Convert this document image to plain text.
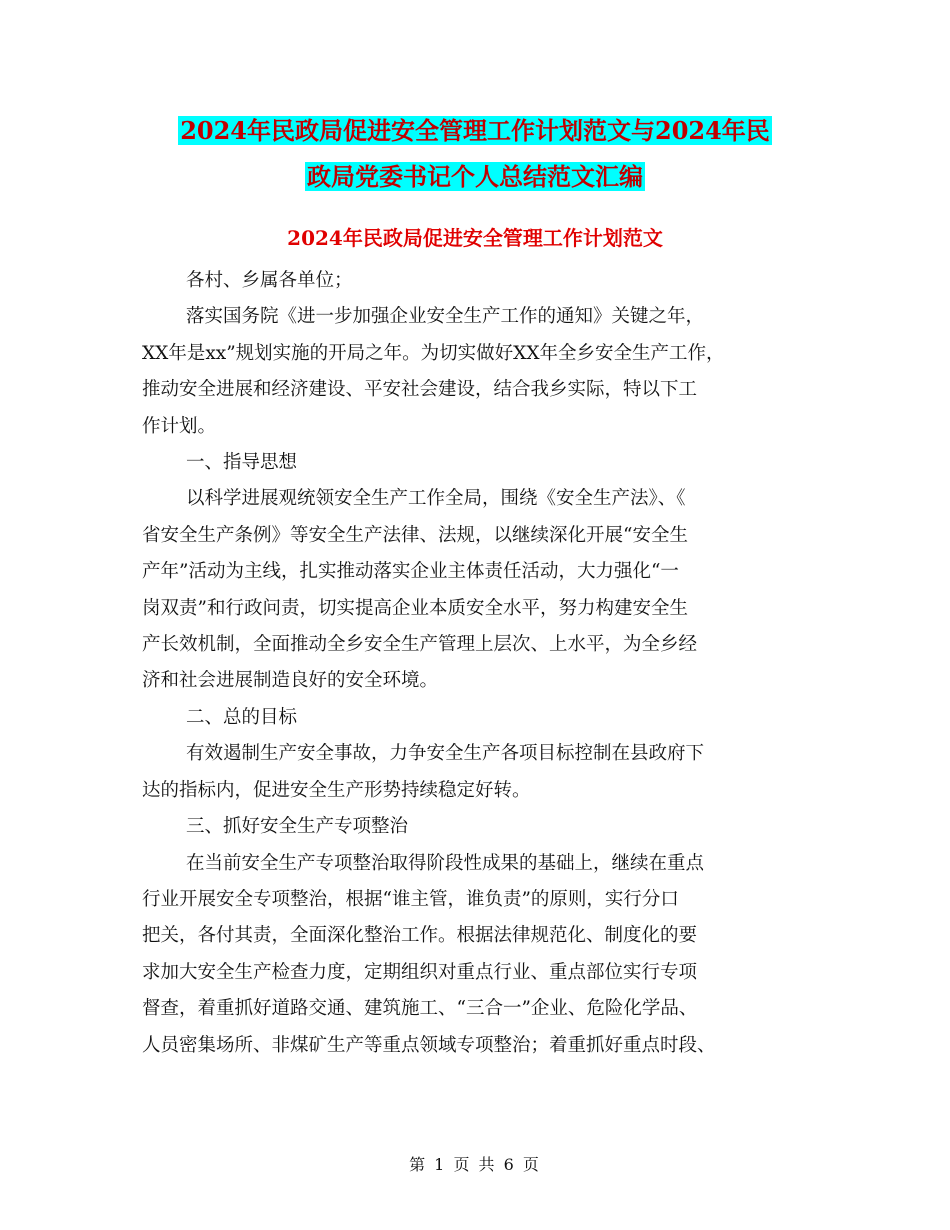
2024年民政局促进安全管理工作计划范文与2024年民
政局党委书记个人总结范文汇编
2024年民政局促进安全管理工作计划范文
各村、乡属各单位；
落实国务院《进一步加强企业安全生产工作的通知》关键之年，
XX年是xx”规划实施的开局之年。为切实做好XX年全乡安全生产工作，
推动安全进展和经济建设、平安社会建设，结合我乡实际，特以下工
作计划。
一、指导思想
以科学进展观统领安全生产工作全局，围绕《安全生产法》、《
省安全生产条例》等安全生产法律、法规，以继续深化开展“安全生
产年”活动为主线，扎实推动落实企业主体责任活动，大力强化“一
岗双责”和行政问责，切实提高企业本质安全水平，努力构建安全生
产长效机制，全面推动全乡安全生产管理上层次、上水平，为全乡经
济和社会进展制造良好的安全环境。
二、总的目标
有效遏制生产安全事故，力争安全生产各项目标控制在县政府下
达的指标内，促进安全生产形势持续稳定好转。
三、抓好安全生产专项整治
在当前安全生产专项整治取得阶段性成果的基础上，继续在重点
行业开展安全专项整治，根据“谁主管，谁负责”的原则，实行分口
把关，各付其责，全面深化整治工作。根据法律规范化、制度化的要
求加大安全生产检查力度，定期组织对重点行业、重点部位实行专项
督查，着重抓好道路交通、建筑施工、“三合一”企业、危险化学品、
人员密集场所、非煤矿生产等重点领域专项整治；着重抓好重点时段、
第 1 页 共 6 页
